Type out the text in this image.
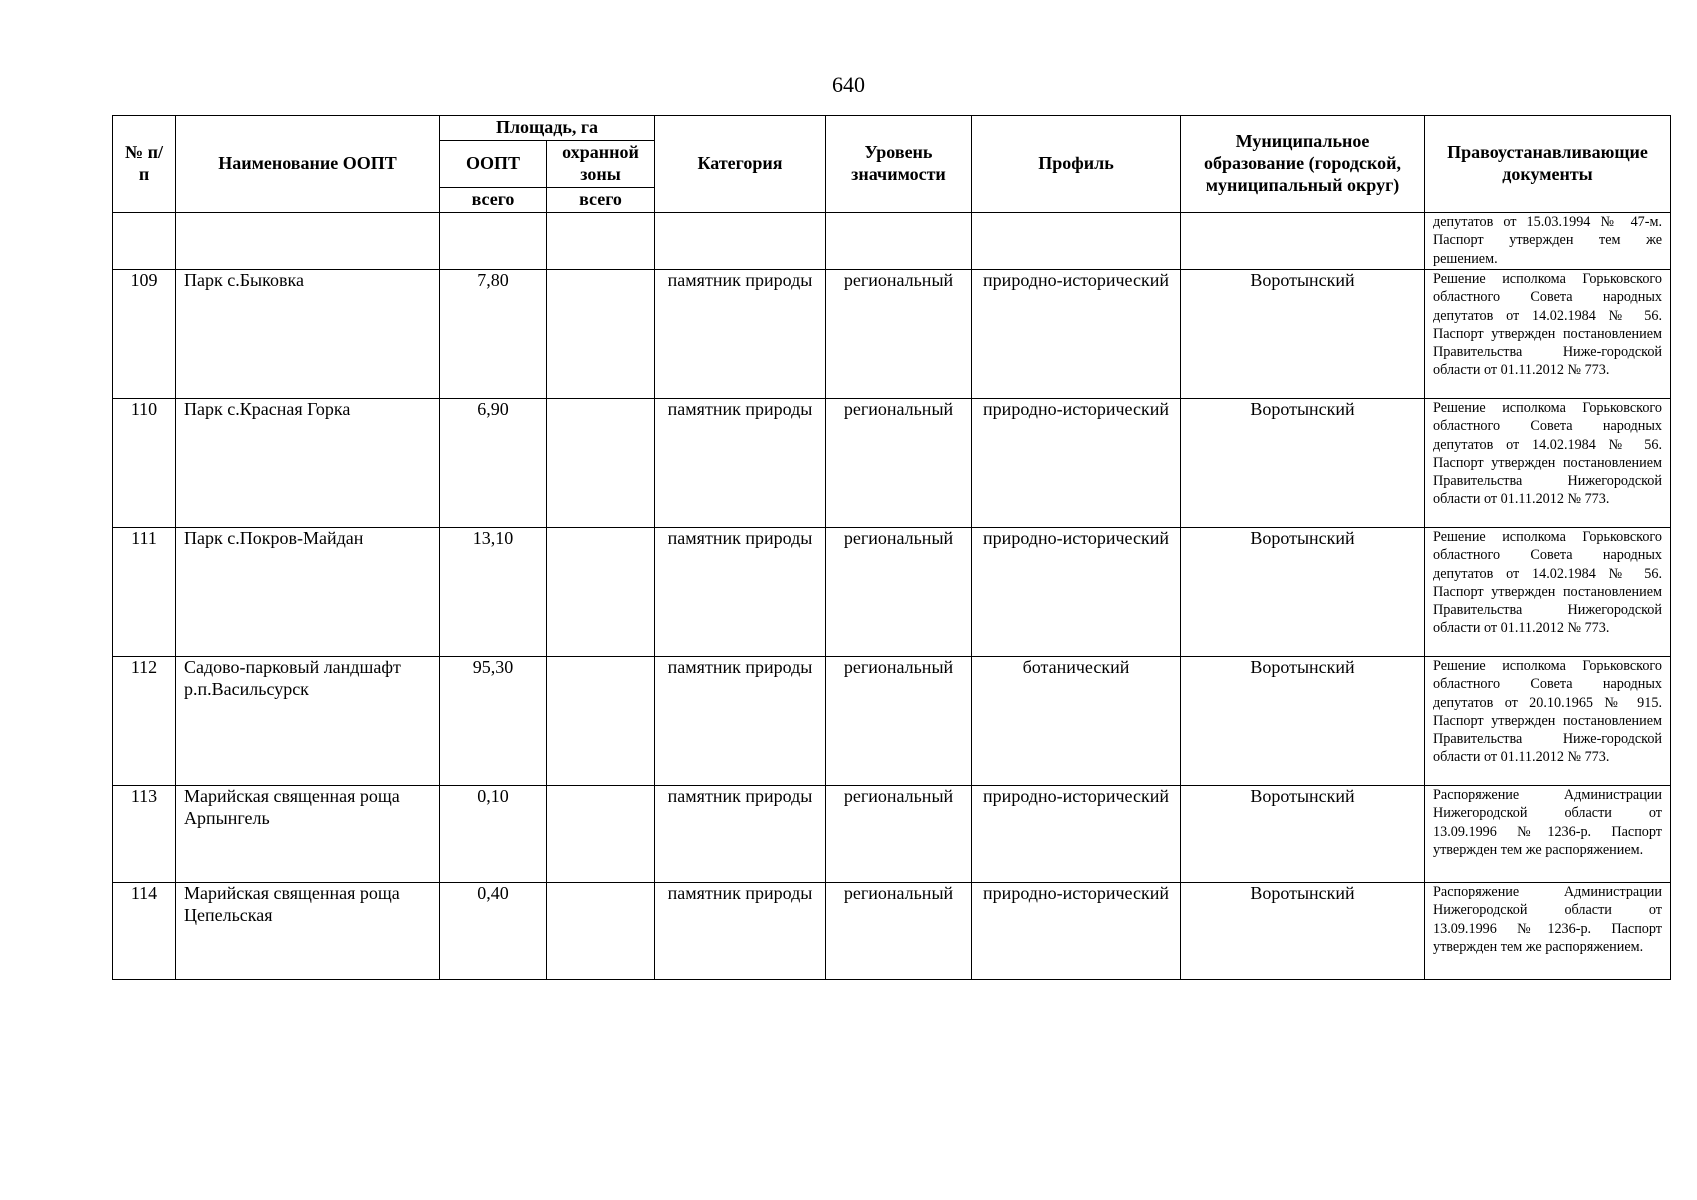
640
№ п/п	Наименование ООПТ	Площадь, га		Категория	Уровень значимости	Профиль	Муниципальное образование (городской, муниципальный округ)	Правоустанавливающие документы
		ООПТ	охранной зоны					
		всего	всего					
								депутатов от 15.03.1994 № 47-м. Паспорт утвержден тем же решением.
109	Парк с.Быковка	7,80		памятник природы	региональный	природно-исторический	Воротынский	Решение исполкома Горьковского областного Совета народных депутатов от 14.02.1984 № 56. Паспорт утвержден постановлением Правительства Ниже-городской области от 01.11.2012 № 773.
110	Парк с.Красная Горка	6,90		памятник природы	региональный	природно-исторический	Воротынский	Решение исполкома Горьковского областного Совета народных депутатов от 14.02.1984 № 56. Паспорт утвержден постановлением Правительства Нижегородской области от 01.11.2012 № 773.
111	Парк с.Покров-Майдан	13,10		памятник природы	региональный	природно-исторический	Воротынский	Решение исполкома Горьковского областного Совета народных депутатов от 14.02.1984 № 56. Паспорт утвержден постановлением Правительства Нижегородской области от 01.11.2012 № 773.
112	Садово-парковый ландшафт р.п.Васильсурск	95,30		памятник природы	региональный	ботанический	Воротынский	Решение исполкома Горьковского областного Совета народных депутатов от 20.10.1965 № 915. Паспорт утвержден постановлением Правительства Ниже-городской области от 01.11.2012 № 773.
113	Марийская священная роща Арпынгель	0,10		памятник природы	региональный	природно-исторический	Воротынский	Распоряжение Администрации Нижегородской области от 13.09.1996 №1236-р. Паспорт утвержден тем же распоряжением.
114	Марийская священная роща Цепельская	0,40		памятник природы	региональный	природно-исторический	Воротынский	Распоряжение Администрации Нижегородской области от 13.09.1996 №1236-р. Паспорт утвержден тем же распоряжением.
